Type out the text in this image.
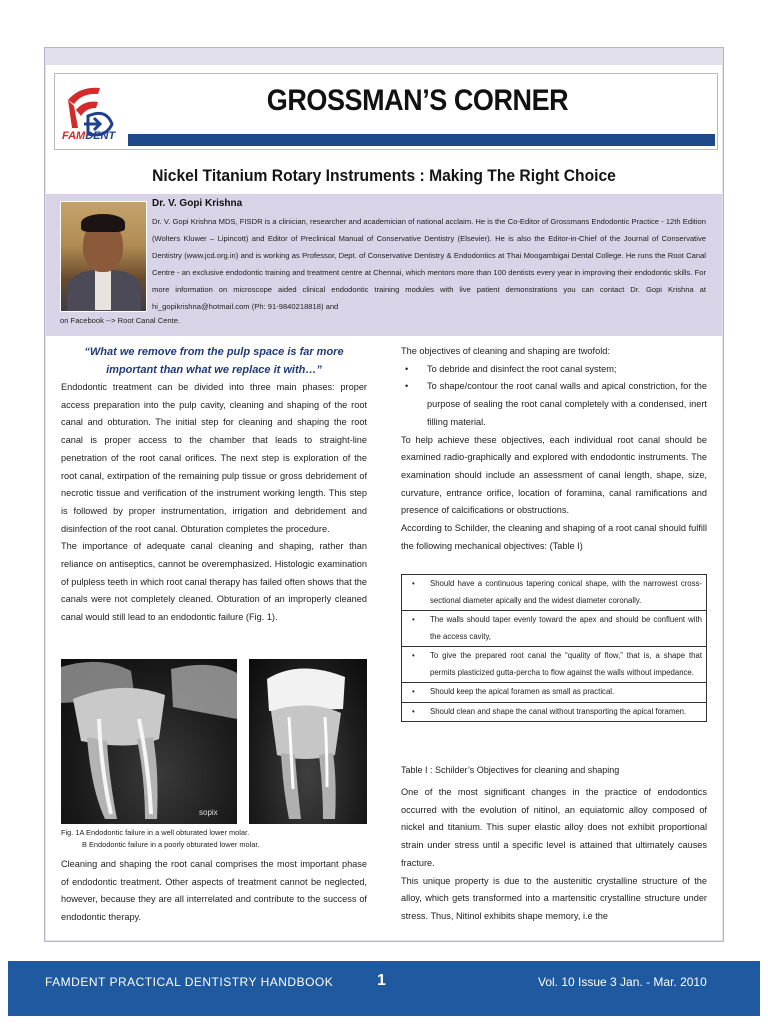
FAMDENT
GROSSMAN’S CORNER
Nickel Titanium Rotary Instruments : Making The Right Choice
Dr. V. Gopi Krishna
Dr. V. Gopi Krishna MDS, FISDR is a clinician, researcher and academician of national acclaim. He is the Co-Editor of Grossmans Endodontic Practice - 12th Edition (Wolters Kluwer – Lipincott) and Editor of Preclinical Manual of Conservative Dentistry (Elsevier). He is also the Editor-in-Chief of the Journal of Conservative Dentistry (www.jcd.org.in) and is working as Professor, Dept. of Conservative Dentistry & Endodontics at Thai Moogambigai Dental College. He runs the Root Canal Centre - an exclusive endodontic training and treatment centre at Chennai, which mentors more than 100 dentists every year in improving their endodontic skills. For more information on microscope aided clinical endodontic training modules with live patient demonstrations you can contact Dr. Gopi Krishna at hi_gopikrishna@hotmail.com (Ph: 91-9840218818) and
on Facebook --> Root Canal Cente.
“What we remove from the pulp space is far more important than what we replace it with…”
Endodontic treatment can be divided into three main phases: proper access preparation into the pulp cavity, cleaning and shaping of the root canal and obturation. The initial step for cleaning and shaping the root canal is proper access to the chamber that leads to straight-line penetration of the root canal orifices. The next step is exploration of the root canal, extirpation of the remaining pulp tissue or gross debridement of necrotic tissue and verification of the instrument working length. This step is followed by proper instrumentation, irrigation and debridement and disinfection of the root canal. Obturation completes the procedure.
The importance of adequate canal cleaning and shaping, rather than reliance on antiseptics, cannot be overemphasized. Histologic examination of pulpless teeth in which root canal therapy has failed often shows that the canals were not completely cleaned. Obturation of an improperly cleaned canal would still lead to an endodontic failure (Fig. 1).
sopix
Fig. 1A Endodontic failure in a well obturated lower molar.
B Endodontic failure in a poorly obturated lower molar.
Cleaning and shaping the root canal comprises the most important phase of endodontic treatment. Other aspects of treatment cannot be neglected, however, because they are all interrelated and contribute to the success of endodontic therapy.
The objectives of cleaning and shaping are twofold:
• To debride and disinfect the root canal system;
• To shape/contour the root canal walls and apical constriction, for the purpose of sealing the root canal completely with a condensed, inert filling material.
To help achieve these objectives, each individual root canal should be examined radio-graphically and explored with endodontic instruments. The examination should include an assessment of canal length, shape, size, curvature, entrance orifice, location of foramina, canal ramifications and presence of calcifications or obstructions.
According to Schilder, the cleaning and shaping of a root canal should fulfill the following mechanical objectives: (Table I)
• Should have a continuous tapering conical shape, with the narrowest cross-sectional diameter apically and the widest diameter coronally.
• The walls should taper evenly toward the apex and should be confluent with the access cavity,
• To give the prepared root canal the “quality of flow,” that is, a shape that permits plasticized gutta-percha to flow against the walls without impedance.
• Should keep the apical foramen as small as practical.
• Should clean and shape the canal without transporting the apical foramen.
Table I : Schilder’s Objectives for cleaning and shaping
One of the most significant changes in the practice of endodontics occurred with the evolution of nitinol, an equiatomic alloy composed of nickel and titanium. This super elastic alloy does not exhibit proportional strain under stress until a specific level is attained that ultimately causes fracture.
This unique property is due to the austenitic crystalline structure of the alloy, which gets transformed into a martensitic crystalline structure under stress. Thus, Nitinol exhibits shape memory, i.e the
FAMDENT PRACTICAL DENTISTRY HANDBOOK	1	Vol. 10 Issue 3 Jan. - Mar. 2010
